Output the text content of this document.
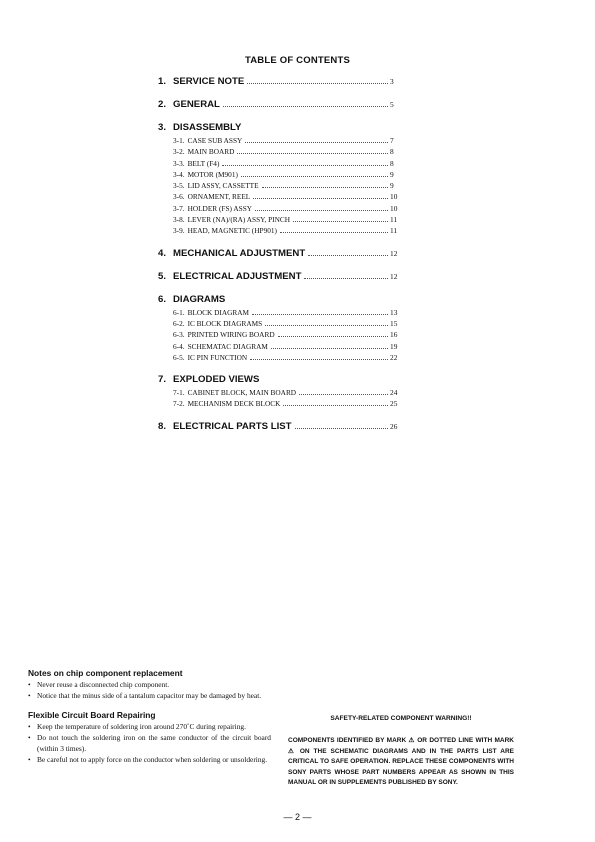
TABLE OF CONTENTS
1. SERVICE NOTE	3
2. GENERAL	5
3. DISASSEMBLY
3-1. CASE SUB ASSY	7
3-2. MAIN BOARD	8
3-3. BELT (F4)	8
3-4. MOTOR (M901)	9
3-5. LID ASSY, CASSETTE	9
3-6. ORNAMENT, REEL	10
3-7. HOLDER (FS) ASSY	10
3-8. LEVER (NA)/(RA) ASSY, PINCH	11
3-9. HEAD, MAGNETIC (HP901)	11
4. MECHANICAL ADJUSTMENT	12
5. ELECTRICAL ADJUSTMENT	12
6. DIAGRAMS
6-1. BLOCK DIAGRAM	13
6-2. IC BLOCK DIAGRAMS	15
6-3. PRINTED WIRING BOARD	16
6-4. SCHEMATAC DIAGRAM	19
6-5. IC PIN FUNCTION	22
7. EXPLODED VIEWS
7-1. CABINET BLOCK, MAIN BOARD	24
7-2. MECHANISM DECK BLOCK	25
8. ELECTRICAL PARTS LIST	26
Notes on chip component replacement
• Never reuse a disconnected chip component.
• Notice that the minus side of a tantalum capacitor may be damaged by heat.
Flexible Circuit Board Repairing
• Keep the temperature of soldering iron around 270˚C during repairing.
• Do not touch the soldering iron on the same conductor of the circuit board (within 3 times).
• Be careful not to apply force on the conductor when soldering or unsoldering.
SAFETY-RELATED COMPONENT WARNING!!
COMPONENTS IDENTIFIED BY MARK ⚠ OR DOTTED LINE WITH MARK ⚠ ON THE SCHEMATIC DIAGRAMS AND IN THE PARTS LIST ARE CRITICAL TO SAFE OPERATION. REPLACE THESE COMPONENTS WITH SONY PARTS WHOSE PART NUMBERS APPEAR AS SHOWN IN THIS MANUAL OR IN SUPPLEMENTS PUBLISHED BY SONY.
— 2 —
